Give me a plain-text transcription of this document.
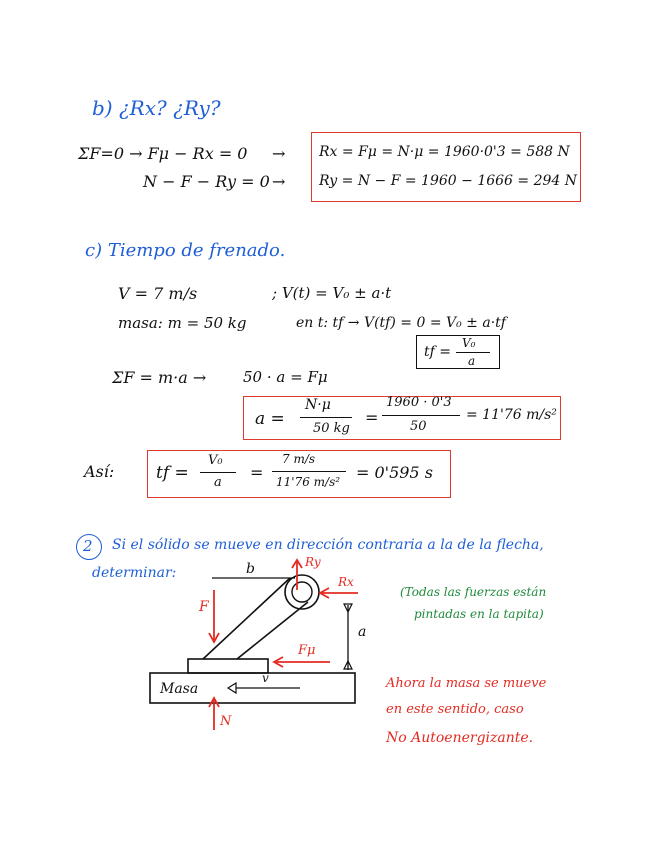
b) ¿Rx? ¿Ry?
ΣF=0 → Fμ − Rx = 0
N − F − Ry = 0
→
→
Rx = Fμ = N·μ = 1960·0'3 = 588 N
Ry = N − F = 1960 − 1666 = 294 N
c) Tiempo de frenado.
V = 7 m/s	; V(t) = V₀ ± a·t
masa: m = 50 kg	en t: tf → V(tf) = 0 = V₀ ± a·tf
tf =
V₀
a
ΣF = m·a → 50 · a = Fμ
a =
N·μ
50 kg
=
1960 · 0'3
50
= 11'76 m/s²
Así: tf =
V₀
a
=
7 m/s
11'76 m/s² = 0'595 s
2 Si el sólido se mueve en dirección contraria a la de la flecha,
determinar:
(Todas las fuerzas están
pintadas en la tapita)
Ahora la masa se mueve
en este sentido, caso
No Autoenergizante.
b
F
a
Ry
Rx
Fμ
N
Masa
v
